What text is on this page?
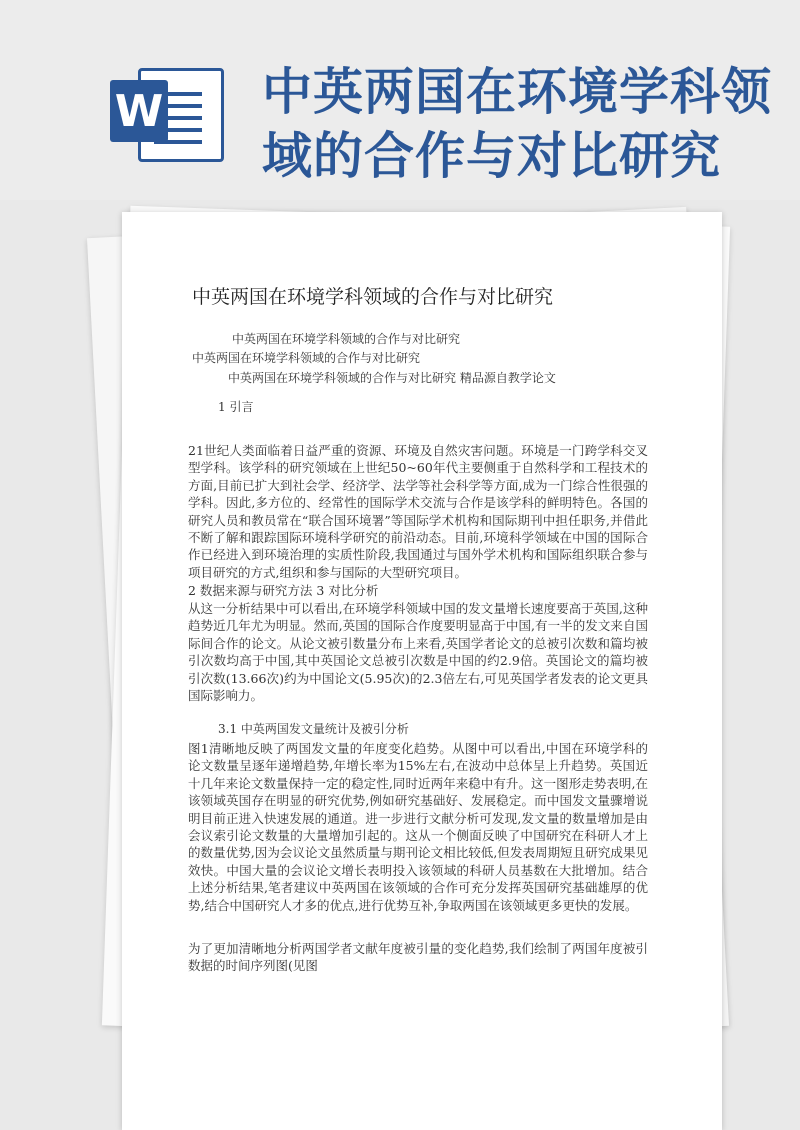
W 中英两国在环境学科领域的合作与对比研究
中英两国在环境学科领域的合作与对比研究
中英两国在环境学科领域的合作与对比研究
中英两国在环境学科领域的合作与对比研究
中英两国在环境学科领域的合作与对比研究 精品源自教学论文
1 引言

21世纪人类面临着日益严重的资源、环境及自然灾害问题。环境是一门跨学科交叉型学科。该学科的研究领域在上世纪50~60年代主要侧重于自然科学和工程技术的方面,目前已扩大到社会学、经济学、法学等社会科学等方面,成为一门综合性很强的学科。因此,多方位的、经常性的国际学术交流与合作是该学科的鲜明特色。各国的研究人员和教员常在“联合国环境署”等国际学术机构和国际期刊中担任职务,并借此不断了解和跟踪国际环境科学研究的前沿动态。目前,环境科学领域在中国的国际合作已经进入到环境治理的实质性阶段,我国通过与国外学术机构和国际组织联合参与项目研究的方式,组织和参与国际的大型研究项目。

2 数据来源与研究方法 3 对比分析

从这一分析结果中可以看出,在环境学科领域中国的发文量增长速度要高于英国,这种趋势近几年尤为明显。然而,英国的国际合作度要明显高于中国,有一半的发文来自国际间合作的论文。从论文被引数量分布上来看,英国学者论文的总被引次数和篇均被引次数均高于中国,其中英国论文总被引次数是中国的约2.9倍。英国论文的篇均被引次数(13.66次)约为中国论文(5.95次)的2.3倍左右,可见英国学者发表的论文更具国际影响力。

3.1 中英两国发文量统计及被引分析

图1清晰地反映了两国发文量的年度变化趋势。从图中可以看出,中国在环境学科的论文数量呈逐年递增趋势,年增长率为15%左右,在波动中总体呈上升趋势。英国近十几年来论文数量保持一定的稳定性,同时近两年来稳中有升。这一图形走势表明,在该领域英国存在明显的研究优势,例如研究基础好、发展稳定。而中国发文量骤增说明目前正进入快速发展的通道。进一步进行文献分析可发现,发文量的数量增加是由会议索引论文数量的大量增加引起的。这从一个侧面反映了中国研究在科研人才上的数量优势,因为会议论文虽然质量与期刊论文相比较低,但发表周期短且研究成果见效快。中国大量的会议论文增长表明投入该领域的科研人员基数在大批增加。结合上述分析结果,笔者建议中英两国在该领域的合作可充分发挥英国研究基础雄厚的优势,结合中国研究人才多的优点,进行优势互补,争取两国在该领域更多更快的发展。

为了更加清晰地分析两国学者文献年度被引量的变化趋势,我们绘制了两国年度被引数据的时间序列图(见图
